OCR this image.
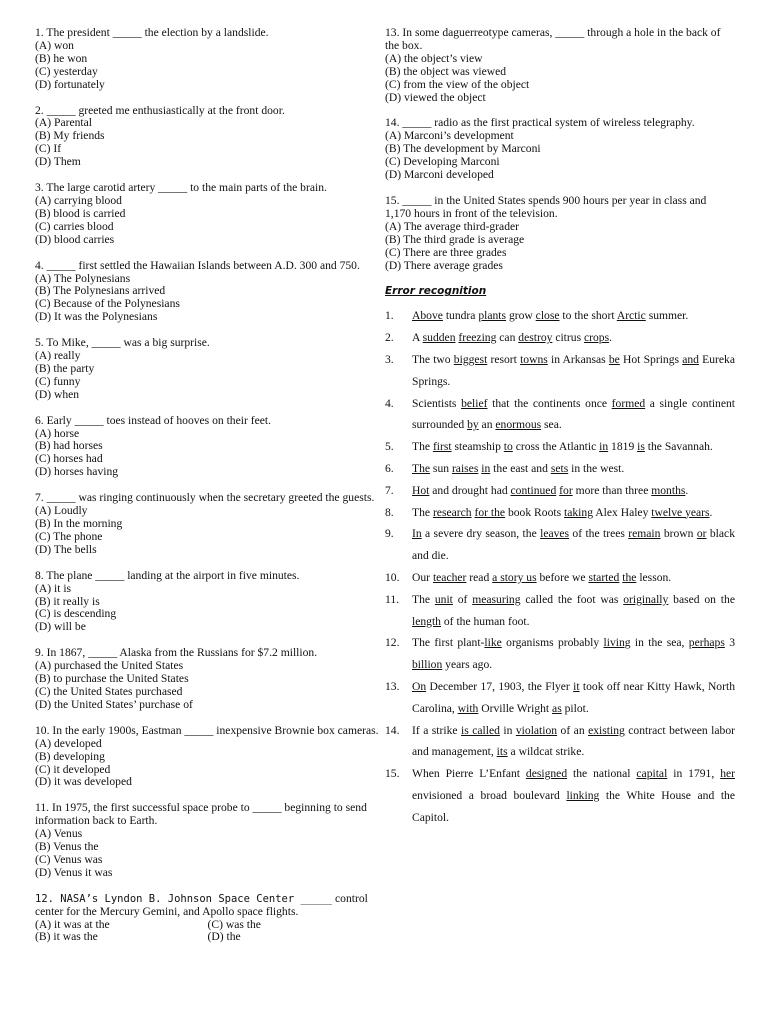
1. The president _____ the election by a landslide.
(A) won
(B) he won
(C) yesterday
(D) fortunately
2. _____ greeted me enthusiastically at the front door.
(A) Parental
(B) My friends
(C) If
(D) Them
3. The large carotid artery _____ to the main parts of the brain.
(A) carrying blood
(B) blood is carried
(C) carries blood
(D) blood carries
4. _____ first settled the Hawaiian Islands between A.D. 300 and 750.
(A) The Polynesians
(B) The Polynesians arrived
(C) Because of the Polynesians
(D) It was the Polynesians
5. To Mike, _____ was a big surprise.
(A) really
(B) the party
(C) funny
(D) when
6. Early _____ toes instead of hooves on their feet.
(A) horse
(B) had horses
(C) horses had
(D) horses having
7. _____ was ringing continuously when the secretary greeted the guests.
(A) Loudly
(B) In the morning
(C) The phone
(D) The bells
8. The plane _____ landing at the airport in five minutes.
(A) it is
(B) it really is
(C) is descending
(D) will be
9. In 1867, _____ Alaska from the Russians for $7.2 million.
(A) purchased the United States
(B) to purchase the United States
(C) the United States purchased
(D) the United States’ purchase of
10. In the early 1900s, Eastman _____ inexpensive Brownie box cameras.
(A) developed
(B) developing
(C) it developed
(D) it was developed
11. In 1975, the first successful space probe to _____ beginning to send information back to Earth.
(A) Venus
(B) Venus the
(C) Venus was
(D) Venus it was
12. NASA’s Lyndon B. Johnson Space Center _____ control center for the Mercury Gemini, and Apollo space flights.
(A) it was at the
(B) it was the
(C) was the
(D) the
13. In some daguerreotype cameras, _____ through a hole in the back of the box.
(A) the object’s view
(B) the object was viewed
(C) from the view of the object
(D) viewed the object
14. _____ radio as the first practical system of wireless telegraphy.
(A) Marconi’s development
(B) The development by Marconi
(C) Developing Marconi
(D) Marconi developed
15. _____ in the United States spends 900 hours per year in class and 1,170 hours in front of the television.
(A) The average third-grader
(B) The third grade is average
(C) There are three grades
(D) There average grades
Error recognition
1.	Above tundra plants grow close to the short Arctic summer.
2.	A sudden freezing can destroy citrus crops.
3.	The two biggest resort towns in Arkansas be Hot Springs and Eureka Springs.
4.	Scientists belief that the continents once formed a single continent surrounded by an enormous sea.
5.	The first steamship to cross the Atlantic in 1819 is the Savannah.
6.	The sun raises in the east and sets in the west.
7.	Hot and drought had continued for more than three months.
8.	The research for the book Roots taking Alex Haley twelve years.
9.	In a severe dry season, the leaves of the trees remain brown or black and die.
10.	Our teacher read a story us before we started the lesson.
11.	The unit of measuring called the foot was originally based on the length of the human foot.
12.	The first plant-like organisms probably living in the sea, perhaps 3 billion years ago.
13.	On December 17, 1903, the Flyer it took off near Kitty Hawk, North Carolina, with Orville Wright as pilot.
14.	If a strike is called in violation of an existing contract between labor and management, its a wildcat strike.
15.	When Pierre L’Enfant designed the national capital in 1791, her envisioned a broad boulevard linking the White House and the Capitol.
